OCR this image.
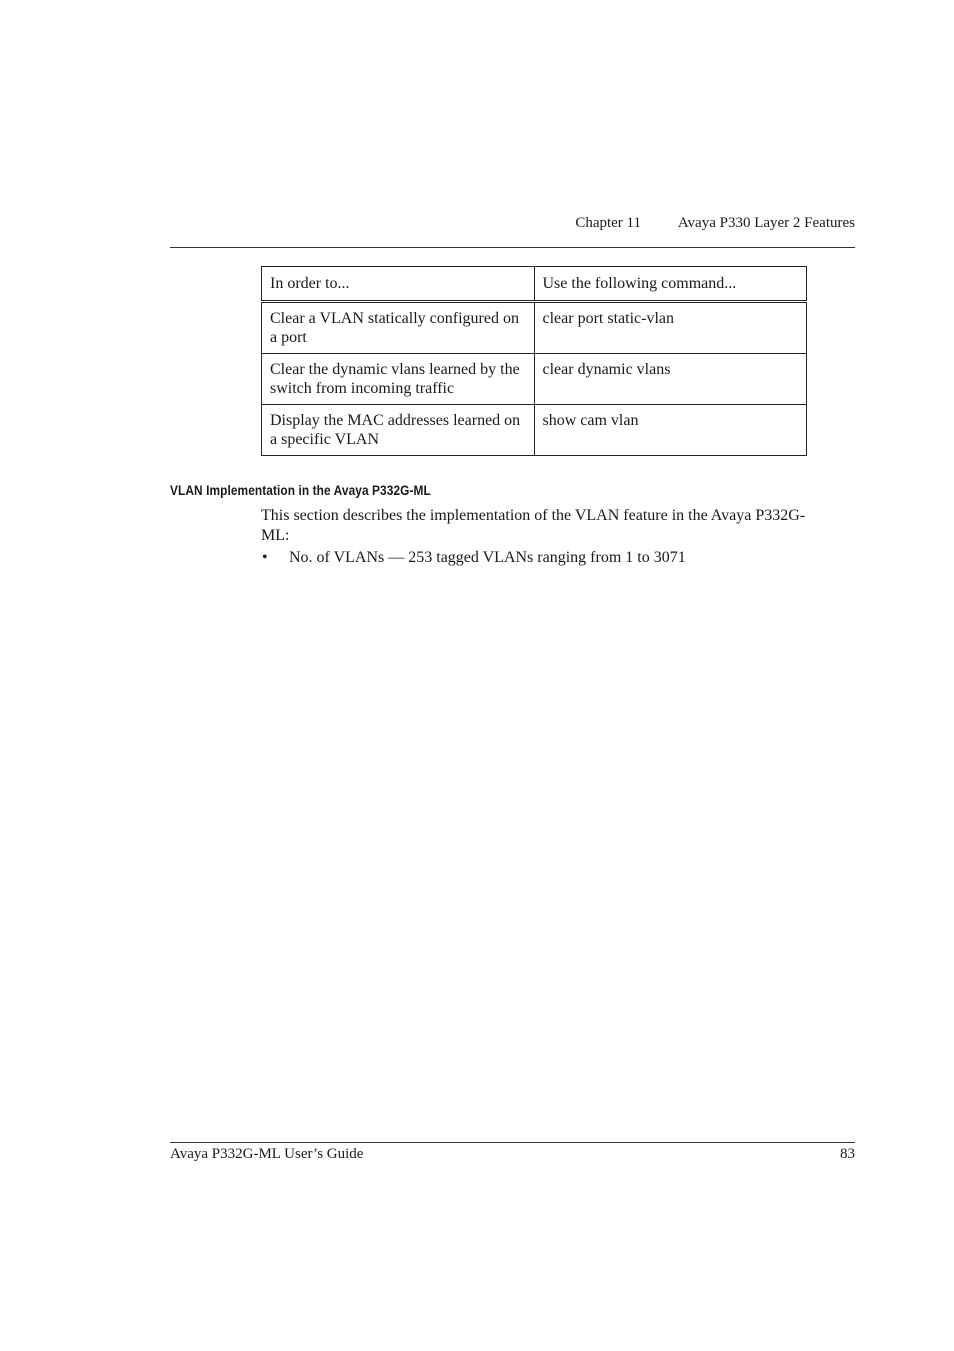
Chapter 11 Avaya P330 Layer 2 Features
In order to...	Use the following command...
Clear a VLAN statically configured on a port	clear port static-vlan
Clear the dynamic vlans learned by the switch from incoming traffic	clear dynamic vlans
Display the MAC addresses learned on a specific VLAN	show cam vlan
VLAN Implementation in the Avaya P332G-ML

This section describes the implementation of the VLAN feature in the Avaya P332G-ML:

• No. of VLANs — 253 tagged VLANs ranging from 1 to 3071
Avaya P332G-ML User’s Guide	83
